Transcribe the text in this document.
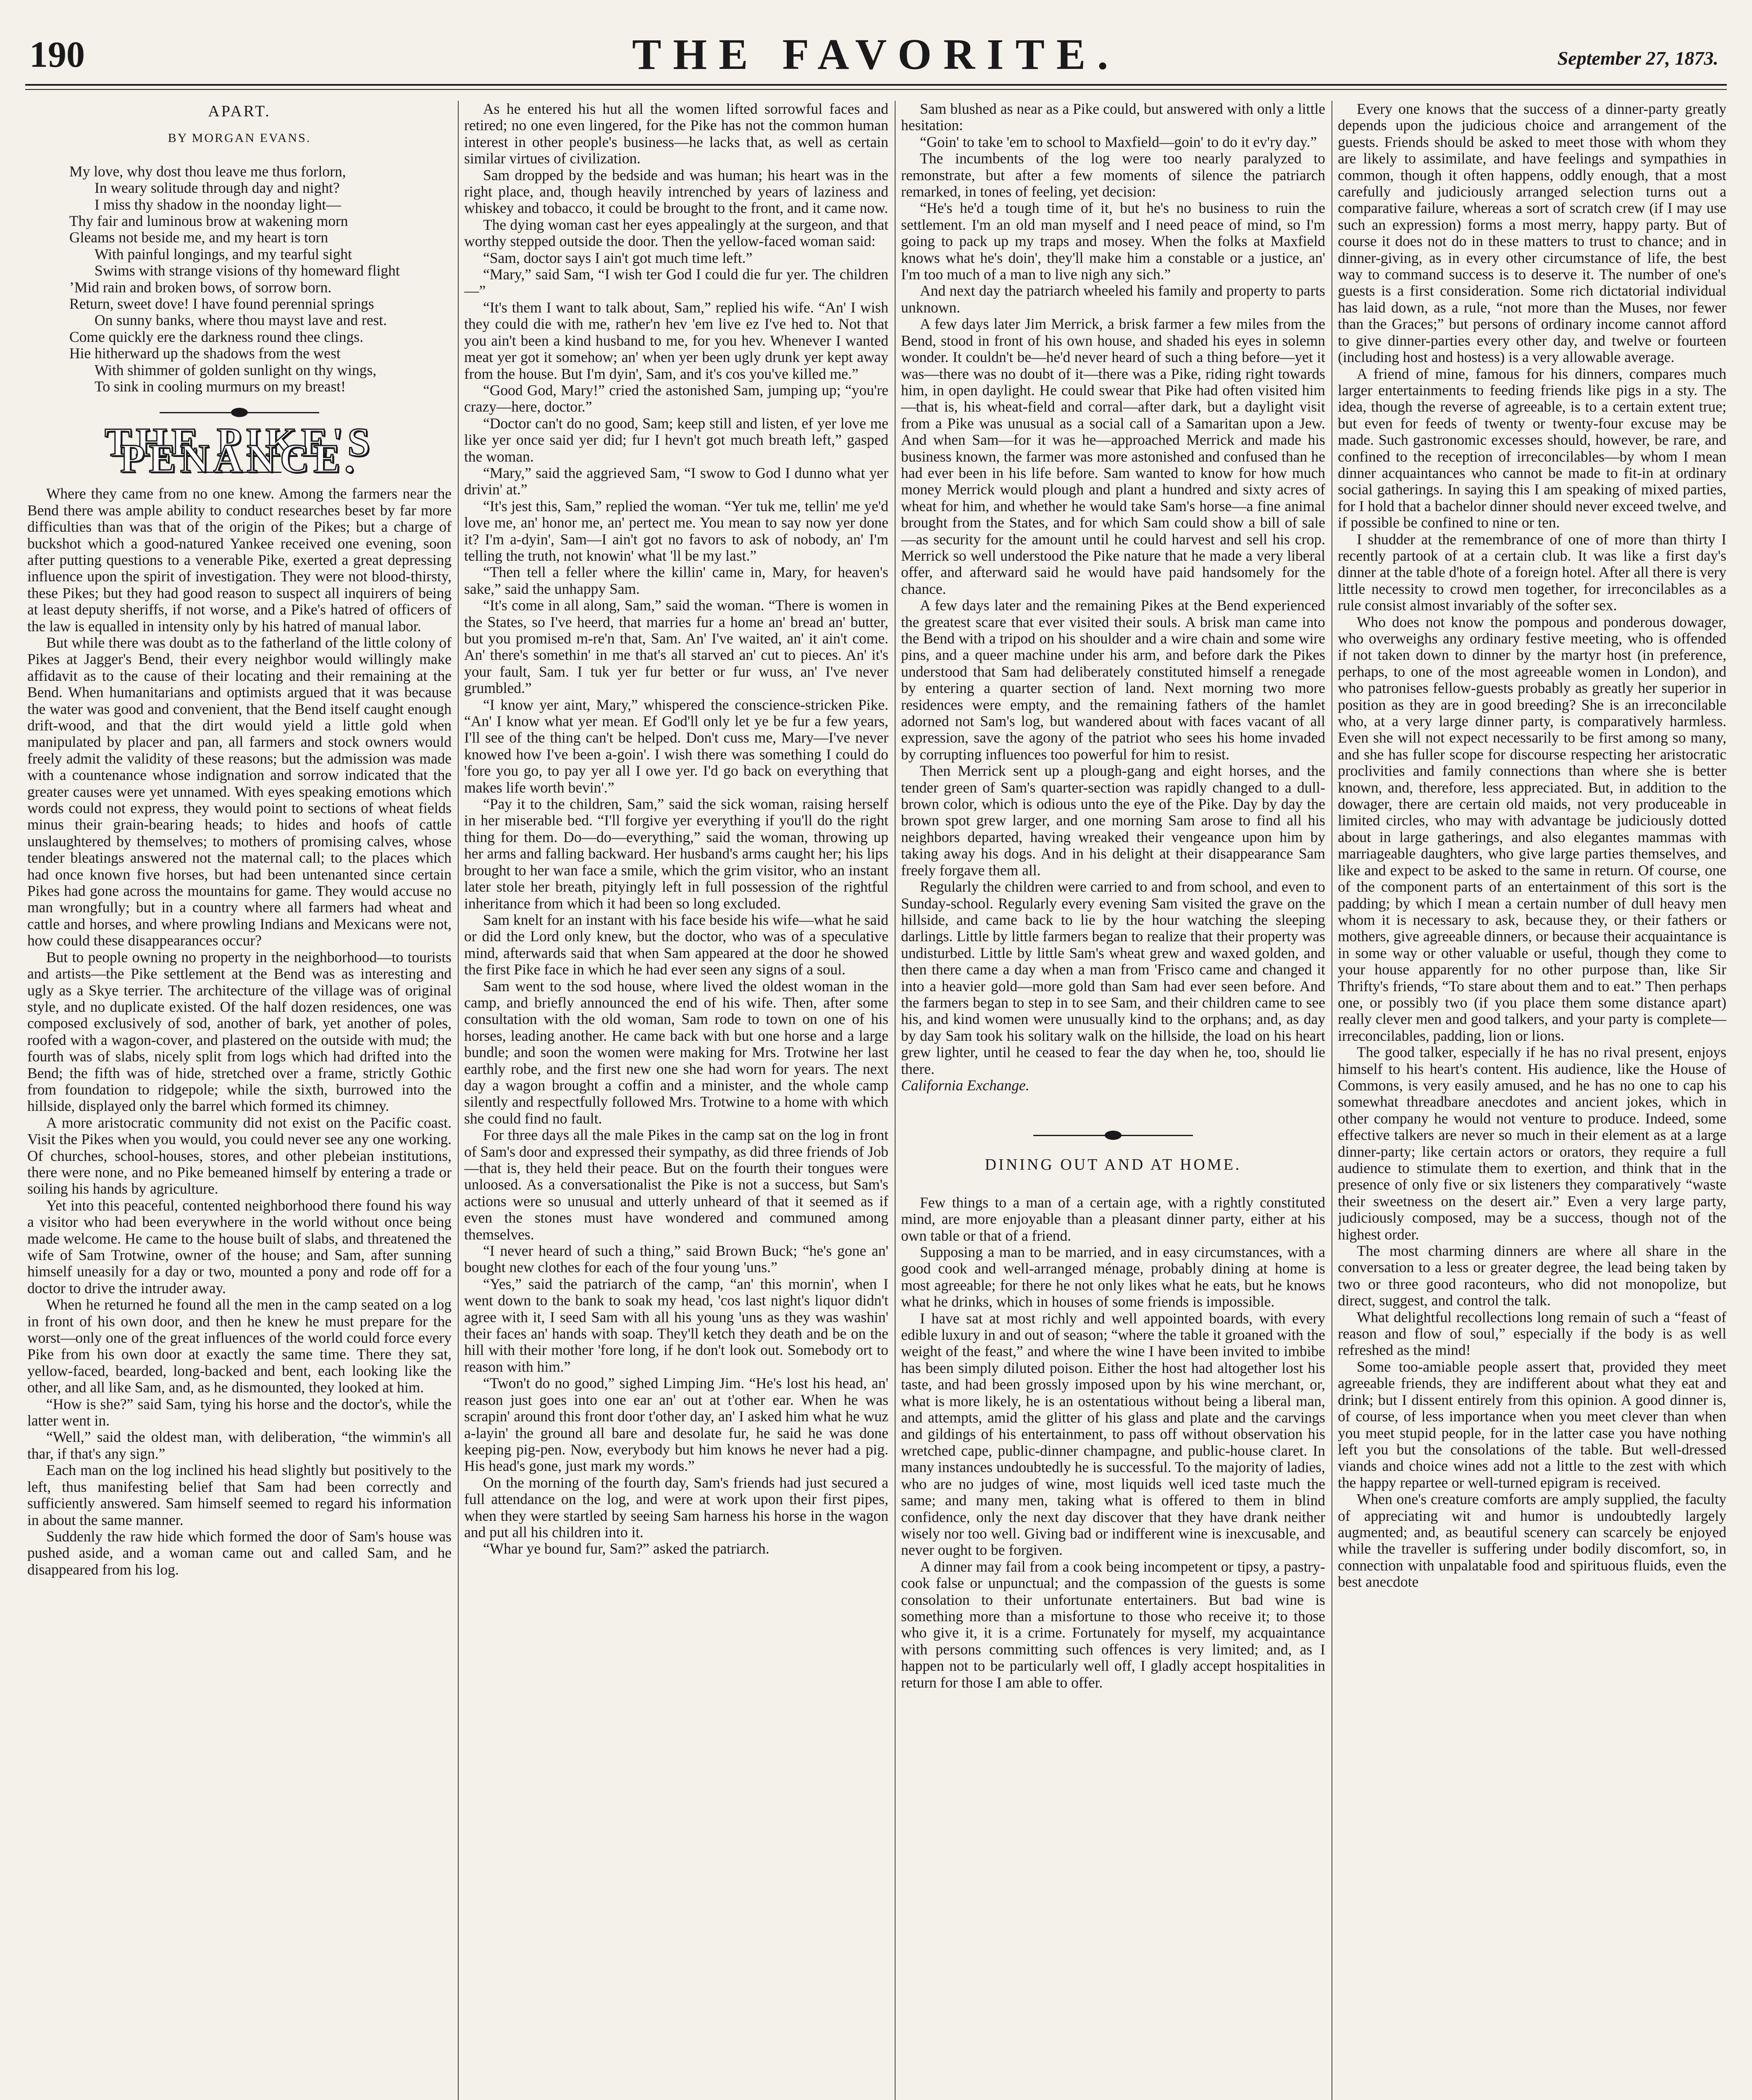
190	THE FAVORITE.	September 27, 1873.
APART.
BY MORGAN EVANS.
My love, why dost thou leave me thus forlorn,
In weary solitude through day and night?
I miss thy shadow in the noonday light—
Thy fair and luminous brow at wakening morn
Gleams not beside me, and my heart is torn
With painful longings, and my tearful sight
Swims with strange visions of thy homeward flight
’Mid rain and broken bows, of sorrow born.
Return, sweet dove! I have found perennial springs
On sunny banks, where thou mayst lave and rest.
Come quickly ere the darkness round thee clings.
Hie hitherward up the shadows from the west
With shimmer of golden sunlight on thy wings,
To sink in cooling murmurs on my breast!
THE PIKE'S PENANCE.

Where they came from no one knew. Among the farmers near the Bend there was ample ability to conduct researches beset by far more difficulties than was that of the origin of the Pikes; but a charge of buckshot which a good-natured Yankee received one evening, soon after putting questions to a venerable Pike, exerted a great depressing influence upon the spirit of investigation. They were not blood-thirsty, these Pikes; but they had good reason to suspect all inquirers of being at least deputy sheriffs, if not worse, and a Pike's hatred of officers of the law is equalled in intensity only by his hatred of manual labor.

But while there was doubt as to the fatherland of the little colony of Pikes at Jagger's Bend, their every neighbor would willingly make affidavit as to the cause of their locating and their remaining at the Bend. When humanitarians and optimists argued that it was because the water was good and convenient, that the Bend itself caught enough drift-wood, and that the dirt would yield a little gold when manipulated by placer and pan, all farmers and stock owners would freely admit the validity of these reasons; but the admission was made with a countenance whose indignation and sorrow indicated that the greater causes were yet unnamed. With eyes speaking emotions which words could not express, they would point to sections of wheat fields minus their grain-bearing heads; to hides and hoofs of cattle unslaughtered by themselves; to mothers of promising calves, whose tender bleatings answered not the maternal call; to the places which had once known five horses, but had been untenanted since certain Pikes had gone across the mountains for game. They would accuse no man wrongfully; but in a country where all farmers had wheat and cattle and horses, and where prowling Indians and Mexicans were not, how could these disappearances occur?

But to people owning no property in the neighborhood—to tourists and artists—the Pike settlement at the Bend was as interesting and ugly as a Skye terrier. The architecture of the village was of original style, and no duplicate existed. Of the half dozen residences, one was composed exclusively of sod, another of bark, yet another of poles, roofed with a wagon-cover, and plastered on the outside with mud; the fourth was of slabs, nicely split from logs which had drifted into the Bend; the fifth was of hide, stretched over a frame, strictly Gothic from foundation to ridgepole; while the sixth, burrowed into the hillside, displayed only the barrel which formed its chimney.

A more aristocratic community did not exist on the Pacific coast. Visit the Pikes when you would, you could never see any one working. Of churches, school-houses, stores, and other plebeian institutions, there were none, and no Pike bemeaned himself by entering a trade or soiling his hands by agriculture.

Yet into this peaceful, contented neighborhood there found his way a visitor who had been everywhere in the world without once being made welcome. He came to the house built of slabs, and threatened the wife of Sam Trotwine, owner of the house; and Sam, after sunning himself uneasily for a day or two, mounted a pony and rode off for a doctor to drive the intruder away.

When he returned he found all the men in the camp seated on a log in front of his own door, and then he knew he must prepare for the worst—only one of the great influences of the world could force every Pike from his own door at exactly the same time. There they sat, yellow-faced, bearded, long-backed and bent, each looking like the other, and all like Sam, and, as he dismounted, they looked at him.

“How is she?” said Sam, tying his horse and the doctor's, while the latter went in.

“Well,” said the oldest man, with deliberation, “the wimmin's all thar, if that's any sign.”

Each man on the log inclined his head slightly but positively to the left, thus manifesting belief that Sam had been correctly and sufficiently answered. Sam himself seemed to regard his information in about the same manner.

Suddenly the raw hide which formed the door of Sam's house was pushed aside, and a woman came out and called Sam, and he disappeared from his log.

As he entered his hut all the women lifted sorrowful faces and retired; no one even lingered, for the Pike has not the common human interest in other people's business—he lacks that, as well as certain similar virtues of civilization.

Sam dropped by the bedside and was human; his heart was in the right place, and, though heavily intrenched by years of laziness and whiskey and tobacco, it could be brought to the front, and it came now.

The dying woman cast her eyes appealingly at the surgeon, and that worthy stepped outside the door. Then the yellow-faced woman said:

“Sam, doctor says I ain't got much time left.”

“Mary,” said Sam, “I wish ter God I could die fur yer. The children—”

“It's them I want to talk about, Sam,” replied his wife. “An' I wish they could die with me, rather'n hev 'em live ez I've hed to. Not that you ain't been a kind husband to me, for you hev. Whenever I wanted meat yer got it somehow; an' when yer been ugly drunk yer kept away from the house. But I'm dyin', Sam, and it's cos you've killed me.”

“Good God, Mary!” cried the astonished Sam, jumping up; “you're crazy—here, doctor.”

“Doctor can't do no good, Sam; keep still and listen, ef yer love me like yer once said yer did; fur I hevn't got much breath left,” gasped the woman.

“Mary,” said the aggrieved Sam, “I swow to God I dunno what yer drivin' at.”

“It's jest this, Sam,” replied the woman. “Yer tuk me, tellin' me ye'd love me, an' honor me, an' pertect me. You mean to say now yer done it? I'm a-dyin', Sam—I ain't got no favors to ask of nobody, an' I'm telling the truth, not knowin' what 'll be my last.”

“Then tell a feller where the killin' came in, Mary, for heaven's sake,” said the unhappy Sam.

“It's come in all along, Sam,” said the woman. “There is women in the States, so I've heerd, that marries fur a home an' bread an' butter, but you promised m-re'n that, Sam. An' I've waited, an' it ain't come. An' there's somethin' in me that's all starved an' cut to pieces. An' it's your fault, Sam. I tuk yer fur better or fur wuss, an' I've never grumbled.”

“I know yer aint, Mary,” whispered the conscience-stricken Pike. “An' I know what yer mean. Ef God'll only let ye be fur a few years, I'll see of the thing can't be helped. Don't cuss me, Mary—I've never knowed how I've been a-goin'. I wish there was something I could do 'fore you go, to pay yer all I owe yer. I'd go back on everything that makes life worth bevin'.”

“Pay it to the children, Sam,” said the sick woman, raising herself in her miserable bed. “I'll forgive yer everything if you'll do the right thing for them. Do—do—everything,” said the woman, throwing up her arms and falling backward. Her husband's arms caught her; his lips brought to her wan face a smile, which the grim visitor, who an instant later stole her breath, pityingly left in full possession of the rightful inheritance from which it had been so long excluded.

Sam knelt for an instant with his face beside his wife—what he said or did the Lord only knew, but the doctor, who was of a speculative mind, afterwards said that when Sam appeared at the door he showed the first Pike face in which he had ever seen any signs of a soul.

Sam went to the sod house, where lived the oldest woman in the camp, and briefly announced the end of his wife. Then, after some consultation with the old woman, Sam rode to town on one of his horses, leading another. He came back with but one horse and a large bundle; and soon the women were making for Mrs. Trotwine her last earthly robe, and the first new one she had worn for years. The next day a wagon brought a coffin and a minister, and the whole camp silently and respectfully followed Mrs. Trotwine to a home with which she could find no fault.

For three days all the male Pikes in the camp sat on the log in front of Sam's door and expressed their sympathy, as did three friends of Job—that is, they held their peace. But on the fourth their tongues were unloosed. As a conversationalist the Pike is not a success, but Sam's actions were so unusual and utterly unheard of that it seemed as if even the stones must have wondered and communed among themselves.

“I never heard of such a thing,” said Brown Buck; “he's gone an' bought new clothes for each of the four young 'uns.”

“Yes,” said the patriarch of the camp, “an' this mornin', when I went down to the bank to soak my head, 'cos last night's liquor didn't agree with it, I seed Sam with all his young 'uns as they was washin' their faces an' hands with soap. They'll ketch they death and be on the hill with their mother 'fore long, if he don't look out. Somebody ort to reason with him.”

“Twon't do no good,” sighed Limping Jim. “He's lost his head, an' reason just goes into one ear an' out at t'other ear. When he was scrapin' around this front door t'other day, an' I asked him what he wuz a-layin' the ground all bare and desolate fur, he said he was done keeping pig-pen. Now, everybody but him knows he never had a pig. His head's gone, just mark my words.”

On the morning of the fourth day, Sam's friends had just secured a full attendance on the log, and were at work upon their first pipes, when they were startled by seeing Sam harness his horse in the wagon and put all his children into it.

“Whar ye bound fur, Sam?” asked the patriarch.

Sam blushed as near as a Pike could, but answered with only a little hesitation:

“Goin' to take 'em to school to Maxfield—goin' to do it ev'ry day.”

The incumbents of the log were too nearly paralyzed to remonstrate, but after a few moments of silence the patriarch remarked, in tones of feeling, yet decision:

“He's he'd a tough time of it, but he's no business to ruin the settlement. I'm an old man myself and I need peace of mind, so I'm going to pack up my traps and mosey. When the folks at Maxfield knows what he's doin', they'll make him a constable or a justice, an' I'm too much of a man to live nigh any sich.”

And next day the patriarch wheeled his family and property to parts unknown.

A few days later Jim Merrick, a brisk farmer a few miles from the Bend, stood in front of his own house, and shaded his eyes in solemn wonder. It couldn't be—he'd never heard of such a thing before—yet it was—there was no doubt of it—there was a Pike, riding right towards him, in open daylight. He could swear that Pike had often visited him—that is, his wheat-field and corral—after dark, but a daylight visit from a Pike was unusual as a social call of a Samaritan upon a Jew. And when Sam—for it was he—approached Merrick and made his business known, the farmer was more astonished and confused than he had ever been in his life before. Sam wanted to know for how much money Merrick would plough and plant a hundred and sixty acres of wheat for him, and whether he would take Sam's horse—a fine animal brought from the States, and for which Sam could show a bill of sale—as security for the amount until he could harvest and sell his crop. Merrick so well understood the Pike nature that he made a very liberal offer, and afterward said he would have paid handsomely for the chance.

A few days later and the remaining Pikes at the Bend experienced the greatest scare that ever visited their souls. A brisk man came into the Bend with a tripod on his shoulder and a wire chain and some wire pins, and a queer machine under his arm, and before dark the Pikes understood that Sam had deliberately constituted himself a renegade by entering a quarter section of land. Next morning two more residences were empty, and the remaining fathers of the hamlet adorned not Sam's log, but wandered about with faces vacant of all expression, save the agony of the patriot who sees his home invaded by corrupting influences too powerful for him to resist.

Then Merrick sent up a plough-gang and eight horses, and the tender green of Sam's quarter-section was rapidly changed to a dull-brown color, which is odious unto the eye of the Pike. Day by day the brown spot grew larger, and one morning Sam arose to find all his neighbors departed, having wreaked their vengeance upon him by taking away his dogs. And in his delight at their disappearance Sam freely forgave them all.

Regularly the children were carried to and from school, and even to Sunday-school. Regularly every evening Sam visited the grave on the hillside, and came back to lie by the hour watching the sleeping darlings. Little by little farmers began to realize that their property was undisturbed. Little by little Sam's wheat grew and waxed golden, and then there came a day when a man from 'Frisco came and changed it into a heavier gold—more gold than Sam had ever seen before. And the farmers began to step in to see Sam, and their children came to see his, and kind women were unusually kind to the orphans; and, as day by day Sam took his solitary walk on the hillside, the load on his heart grew lighter, until he ceased to fear the day when he, too, should lie there.

California Exchange.

DINING OUT AND AT HOME.

Few things to a man of a certain age, with a rightly constituted mind, are more enjoyable than a pleasant dinner party, either at his own table or that of a friend.

Supposing a man to be married, and in easy circumstances, with a good cook and well-arranged ménage, probably dining at home is most agreeable; for there he not only likes what he eats, but he knows what he drinks, which in houses of some friends is impossible.

I have sat at most richly and well appointed boards, with every edible luxury in and out of season; “where the table it groaned with the weight of the feast,” and where the wine I have been invited to imbibe has been simply diluted poison. Either the host had altogether lost his taste, and had been grossly imposed upon by his wine merchant, or, what is more likely, he is an ostentatious without being a liberal man, and attempts, amid the glitter of his glass and plate and the carvings and gildings of his entertainment, to pass off without observation his wretched cape, public-dinner champagne, and public-house claret. In many instances undoubtedly he is successful. To the majority of ladies, who are no judges of wine, most liquids well iced taste much the same; and many men, taking what is offered to them in blind confidence, only the next day discover that they have drank neither wisely nor too well. Giving bad or indifferent wine is inexcusable, and never ought to be forgiven.

A dinner may fail from a cook being incompetent or tipsy, a pastry-cook false or unpunctual; and the compassion of the guests is some consolation to their unfortunate entertainers. But bad wine is something more than a misfortune to those who receive it; to those who give it, it is a crime. Fortunately for myself, my acquaintance with persons committing such offences is very limited; and, as I happen not to be particularly well off, I gladly accept hospitalities in return for those I am able to offer.

Every one knows that the success of a dinner-party greatly depends upon the judicious choice and arrangement of the guests. Friends should be asked to meet those with whom they are likely to assimilate, and have feelings and sympathies in common, though it often happens, oddly enough, that a most carefully and judiciously arranged selection turns out a comparative failure, whereas a sort of scratch crew (if I may use such an expression) forms a most merry, happy party. But of course it does not do in these matters to trust to chance; and in dinner-giving, as in every other circumstance of life, the best way to command success is to deserve it. The number of one's guests is a first consideration. Some rich dictatorial individual has laid down, as a rule, “not more than the Muses, nor fewer than the Graces;” but persons of ordinary income cannot afford to give dinner-parties every other day, and twelve or fourteen (including host and hostess) is a very allowable average.

A friend of mine, famous for his dinners, compares much larger entertainments to feeding friends like pigs in a sty. The idea, though the reverse of agreeable, is to a certain extent true; but even for feeds of twenty or twenty-four excuse may be made. Such gastronomic excesses should, however, be rare, and confined to the reception of irreconcilables—by whom I mean dinner acquaintances who cannot be made to fit-in at ordinary social gatherings. In saying this I am speaking of mixed parties, for I hold that a bachelor dinner should never exceed twelve, and if possible be confined to nine or ten.

I shudder at the remembrance of one of more than thirty I recently partook of at a certain club. It was like a first day's dinner at the table d'hote of a foreign hotel. After all there is very little necessity to crowd men together, for irreconcilables as a rule consist almost invariably of the softer sex.

Who does not know the pompous and ponderous dowager, who overweighs any ordinary festive meeting, who is offended if not taken down to dinner by the martyr host (in preference, perhaps, to one of the most agreeable women in London), and who patronises fellow-guests probably as greatly her superior in position as they are in good breeding? She is an irreconcilable who, at a very large dinner party, is comparatively harmless. Even she will not expect necessarily to be first among so many, and she has fuller scope for discourse respecting her aristocratic proclivities and family connections than where she is better known, and, therefore, less appreciated. But, in addition to the dowager, there are certain old maids, not very produceable in limited circles, who may with advantage be judiciously dotted about in large gatherings, and also elegantes mammas with marriageable daughters, who give large parties themselves, and like and expect to be asked to the same in return. Of course, one of the component parts of an entertainment of this sort is the padding; by which I mean a certain number of dull heavy men whom it is necessary to ask, because they, or their fathers or mothers, give agreeable dinners, or because their acquaintance is in some way or other valuable or useful, though they come to your house apparently for no other purpose than, like Sir Thrifty's friends, “To stare about them and to eat.” Then perhaps one, or possibly two (if you place them some distance apart) really clever men and good talkers, and your party is complete—irreconcilables, padding, lion or lions.

The good talker, especially if he has no rival present, enjoys himself to his heart's content. His audience, like the House of Commons, is very easily amused, and he has no one to cap his somewhat threadbare anecdotes and ancient jokes, which in other company he would not venture to produce. Indeed, some effective talkers are never so much in their element as at a large dinner-party; like certain actors or orators, they require a full audience to stimulate them to exertion, and think that in the presence of only five or six listeners they comparatively “waste their sweetness on the desert air.” Even a very large party, judiciously composed, may be a success, though not of the highest order.

The most charming dinners are where all share in the conversation to a less or greater degree, the lead being taken by two or three good raconteurs, who did not monopolize, but direct, suggest, and control the talk.

What delightful recollections long remain of such a “feast of reason and flow of soul,” especially if the body is as well refreshed as the mind!

Some too-amiable people assert that, provided they meet agreeable friends, they are indifferent about what they eat and drink; but I dissent entirely from this opinion. A good dinner is, of course, of less importance when you meet clever than when you meet stupid people, for in the latter case you have nothing left you but the consolations of the table. But well-dressed viands and choice wines add not a little to the zest with which the happy repartee or well-turned epigram is received.

When one's creature comforts are amply supplied, the faculty of appreciating wit and humor is undoubtedly largely augmented; and, as beautiful scenery can scarcely be enjoyed while the traveller is suffering under bodily discomfort, so, in connection with unpalatable food and spirituous fluids, even the best anecdote
